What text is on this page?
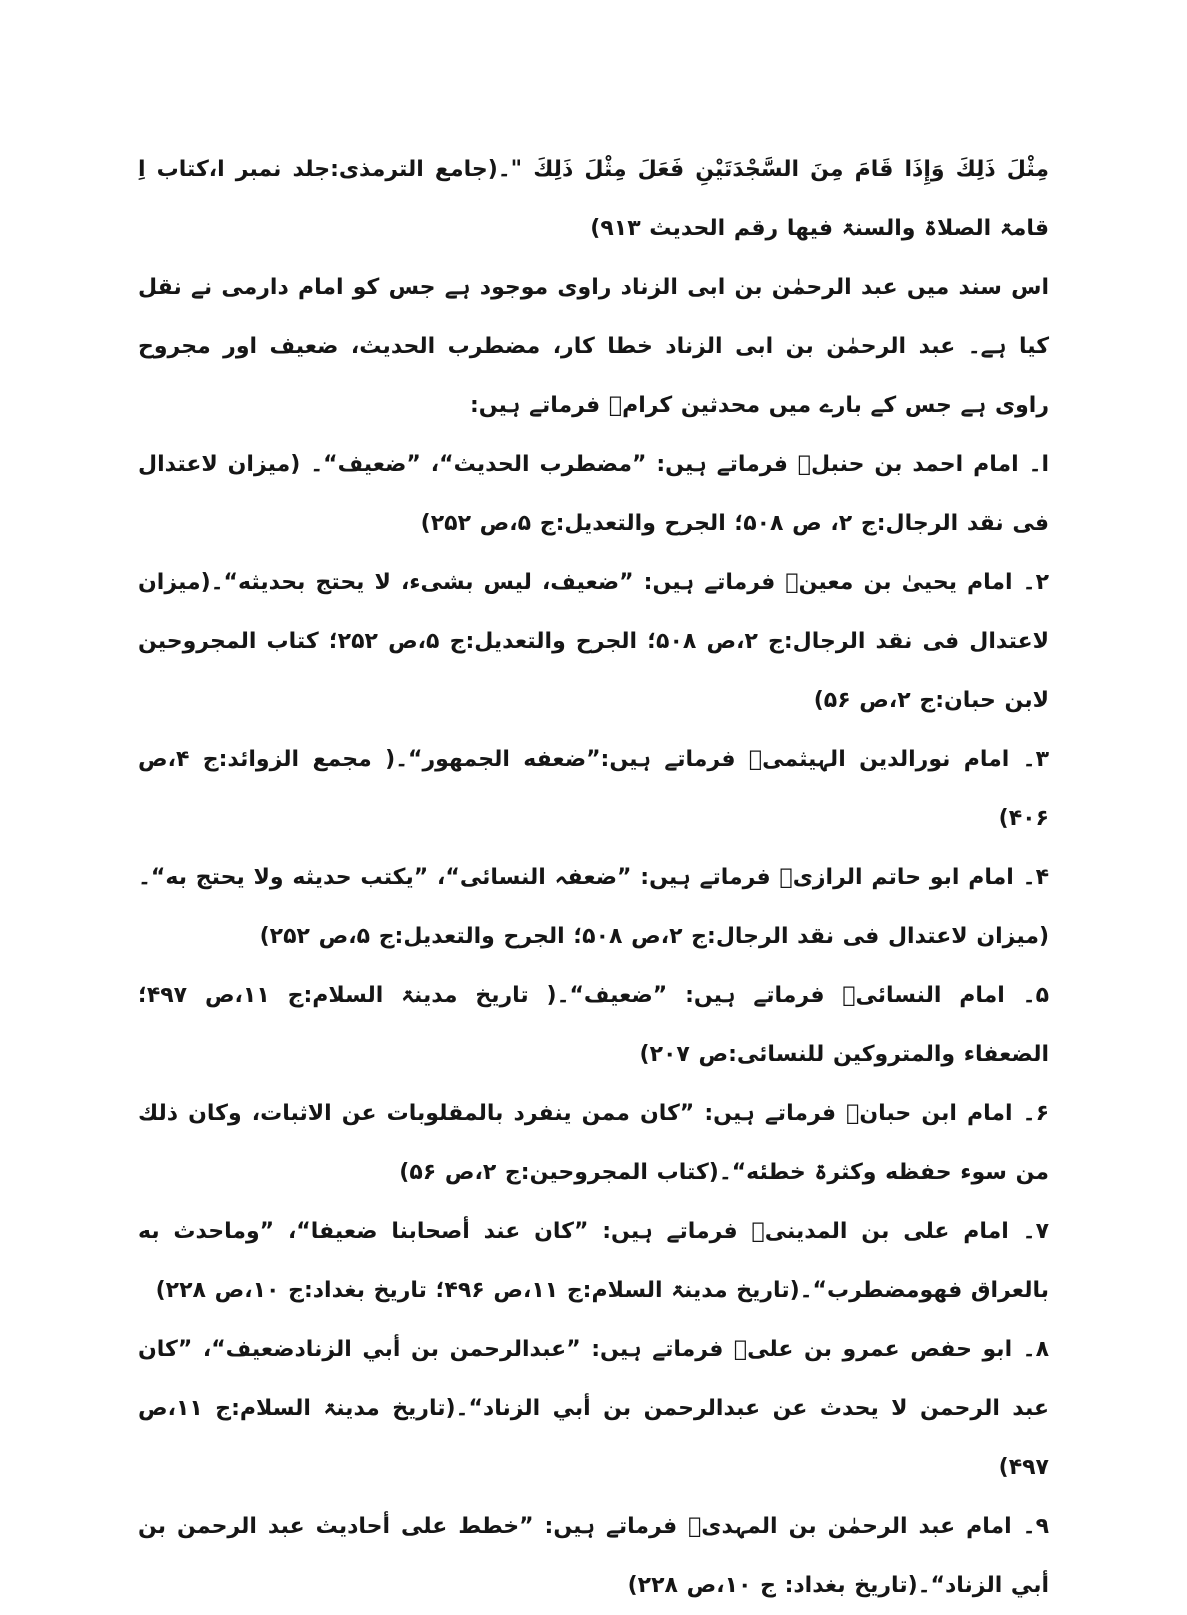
مِثْلَ ذَلِكَ وَإِذَا قَامَ مِنَ السَّجْدَتَيْنِ فَعَلَ مِثْلَ ذَلِكَ "۔(جامع الترمذی:جلد نمبر ا،کتاب اِ قامۃ الصلاۃ والسنۃ فیھا رقم الحدیث ۹۱۳)

اس سند میں عبد الرحمٰن بن ابی الزناد راوی موجود ہے جس کو امام دارمی نے نقل کیا ہے۔ عبد الرحمٰن بن ابی الزناد خطا کار، مضطرب الحدیث، ضعیف اور مجروح راوی ہے جس کے بارے میں محدثین کرامؒ فرماتے ہیں:

ا۔ امام احمد بن حنبلؒ فرماتے ہیں: ”مضطرب الحدیث“، ”ضعیف“۔ (میزان لاعتدال فی نقد الرجال:ج ۲، ص ۵۰۸؛ الجرح والتعدیل:ج ۵،ص ۲۵۲)

۲۔ امام یحییٰ بن معینؒ فرماتے ہیں: ”ضعیف، لیس بشیء، لا یحتج بحدیثه“۔(میزان لاعتدال فی نقد الرجال:ج ۲،ص ۵۰۸؛ الجرح والتعدیل:ج ۵،ص ۲۵۲؛ کتاب المجروحین لابن حبان:ج ۲،ص ۵۶)

۳۔ امام نورالدین الہیثمیؒ فرماتے ہیں:”ضعفه الجمهور“۔( مجمع الزوائد:ج ۴،ص ۴۰۶)

۴۔ امام ابو حاتم الرازیؒ فرماتے ہیں: ”ضعفہ النسائی“، ”یکتب حدیثه ولا یحتج به“۔(میزان لاعتدال فی نقد الرجال:ج ۲،ص ۵۰۸؛ الجرح والتعدیل:ج ۵،ص ۲۵۲)

۵۔ امام النسائیؒ فرماتے ہیں: ”ضعیف“۔( تاریخ مدینۃ السلام:ج ۱۱،ص ۴۹۷؛ الضعفاء والمتروکین للنسائی:ص ۲۰۷)

۶۔ امام ابن حبانؒ فرماتے ہیں: ”کان ممن ینفرد بالمقلوبات عن الاثبات، وکان ذلك من سوء حفظه وکثرۃ خطئه“۔(کتاب المجروحین:ج ۲،ص ۵۶)

۷۔ امام علی بن المدینیؒ فرماتے ہیں: ”کان عند أصحابنا ضعیفا“، ”وماحدث به بالعراق فهومضطرب“۔(تاریخ مدینۃ السلام:ج ۱۱،ص ۴۹۶؛ تاریخ بغداد:ج ۱۰،ص ۲۲۸)

۸۔ ابو حفص عمرو بن علیؒ فرماتے ہیں: ”عبدالرحمن بن أبي الزنادضعیف“، ”کان عبد الرحمن لا یحدث عن عبدالرحمن بن أبي الزناد“۔(تاریخ مدینۃ السلام:ج ۱۱،ص ۴۹۷)

۹۔ امام عبد الرحمٰن بن المہدیؒ فرماتے ہیں: ”خطط علی أحادیث عبد الرحمن بن أبي الزناد“۔(تاریخ بغداد: ج ۱۰،ص ۲۲۸)
